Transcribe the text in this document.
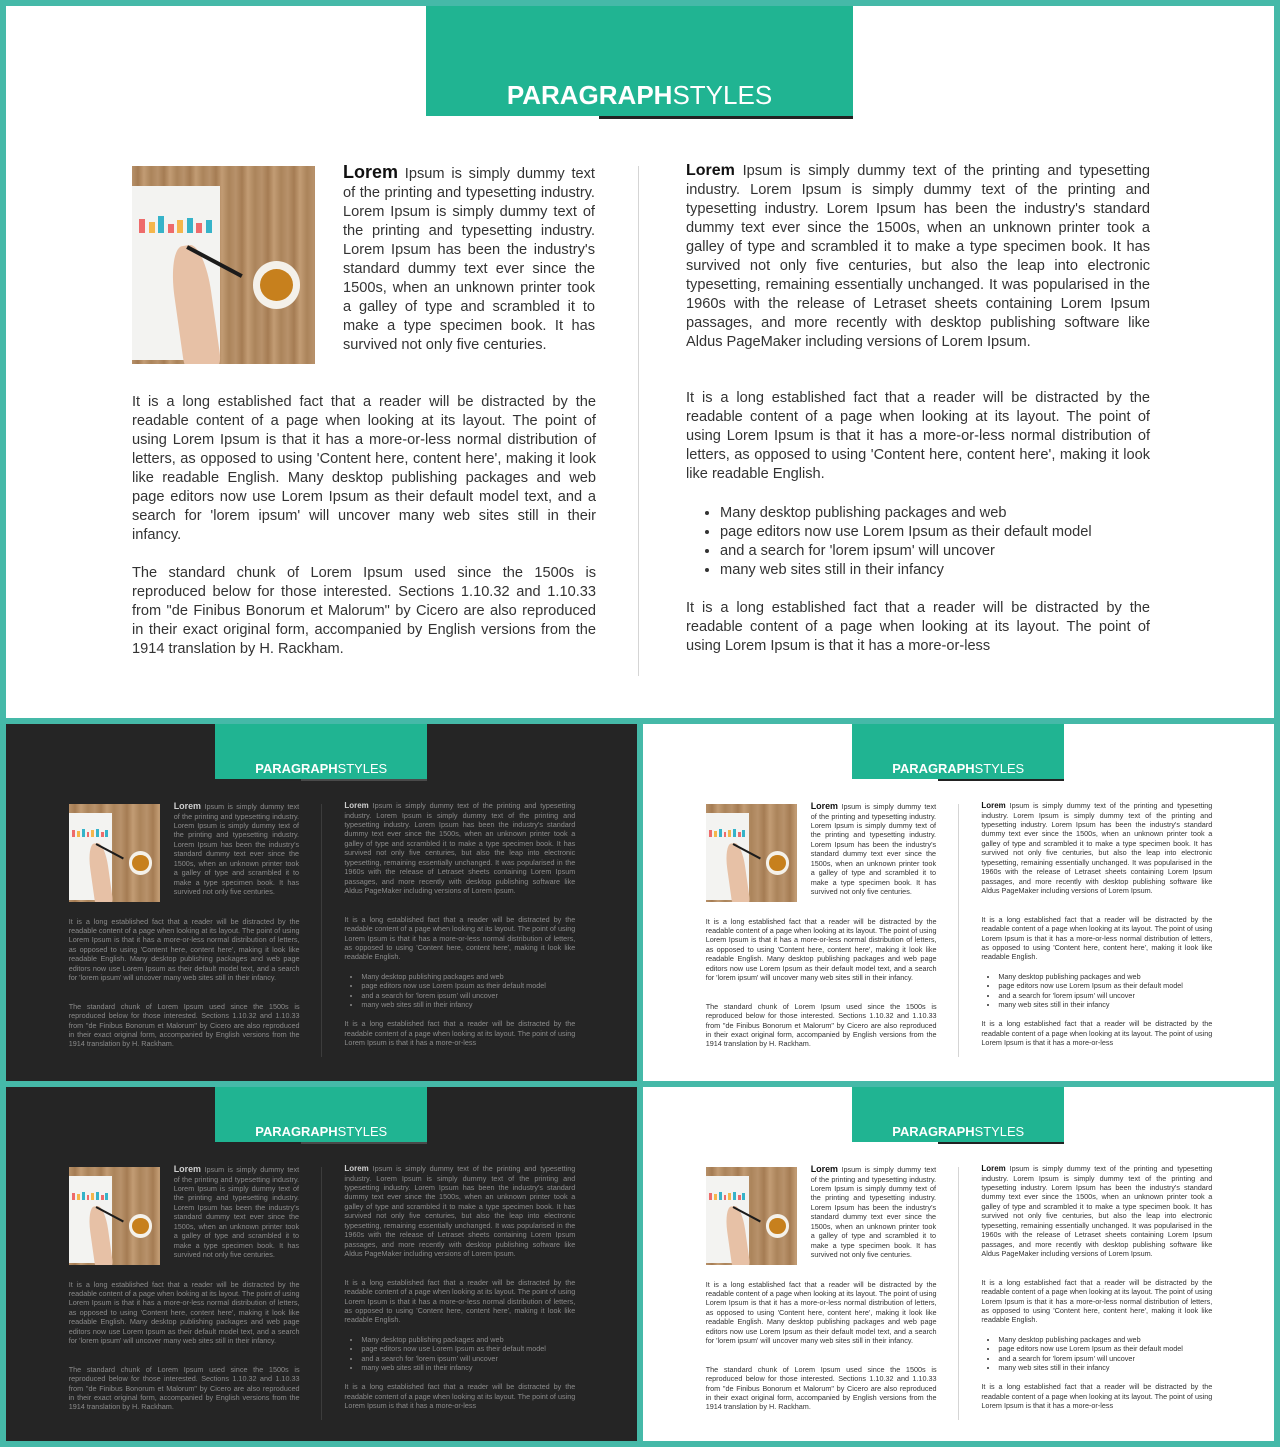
PARAGRAPHSTYLES
Lorem Ipsum is simply dummy text of the printing and typesetting industry. Lorem Ipsum is simply dummy text of the printing and typesetting industry. Lorem Ipsum has been the industry's standard dummy text ever since the 1500s, when an unknown printer took a galley of type and scrambled it to make a type specimen book. It has survived not only five centuries.
It is a long established fact that a reader will be distracted by the readable content of a page when looking at its layout. The point of using Lorem Ipsum is that it has a more-or-less normal distribution of letters, as opposed to using 'Content here, content here', making it look like readable English. Many desktop publishing packages and web page editors now use Lorem Ipsum as their default model text, and a search for 'lorem ipsum' will uncover many web sites still in their infancy.
The standard chunk of Lorem Ipsum used since the 1500s is reproduced below for those interested. Sections 1.10.32 and 1.10.33 from "de Finibus Bonorum et Malorum" by Cicero are also reproduced in their exact original form, accompanied by English versions from the 1914 translation by H. Rackham.
Lorem Ipsum is simply dummy text of the printing and typesetting industry. Lorem Ipsum is simply dummy text of the printing and typesetting industry. Lorem Ipsum has been the industry's standard dummy text ever since the 1500s, when an unknown printer took a galley of type and scrambled it to make a type specimen book. It has survived not only five centuries, but also the leap into electronic typesetting, remaining essentially unchanged. It was popularised in the 1960s with the release of Letraset sheets containing Lorem Ipsum passages, and more recently with desktop publishing software like Aldus PageMaker including versions of Lorem Ipsum.
It is a long established fact that a reader will be distracted by the readable content of a page when looking at its layout. The point of using Lorem Ipsum is that it has a more-or-less normal distribution of letters, as opposed to using 'Content here, content here', making it look like readable English.
• Many desktop publishing packages and web
• page editors now use Lorem Ipsum as their default model
• and a search for 'lorem ipsum' will uncover
• many web sites still in their infancy
It is a long established fact that a reader will be distracted by the readable content of a page when looking at its layout. The point of using Lorem Ipsum is that it has a more-or-less
PARAGRAPHSTYLES
Lorem Ipsum is simply dummy text of the printing and typesetting industry. Lorem Ipsum is simply dummy text of the printing and typesetting industry. Lorem Ipsum has been the industry's standard dummy text ever since the 1500s, when an unknown printer took a galley of type and scrambled it to make a type specimen book. It has survived not only five centuries.
It is a long established fact that a reader will be distracted by the readable content of a page when looking at its layout. The point of using Lorem Ipsum is that it has a more-or-less normal distribution of letters, as opposed to using 'Content here, content here', making it look like readable English. Many desktop publishing packages and web page editors now use Lorem Ipsum as their default model text, and a search for 'lorem ipsum' will uncover many web sites still in their infancy.
The standard chunk of Lorem Ipsum used since the 1500s is reproduced below for those interested. Sections 1.10.32 and 1.10.33 from "de Finibus Bonorum et Malorum" by Cicero are also reproduced in their exact original form, accompanied by English versions from the 1914 translation by H. Rackham.
Lorem Ipsum is simply dummy text of the printing and typesetting industry. Lorem Ipsum is simply dummy text of the printing and typesetting industry. Lorem Ipsum has been the industry's standard dummy text ever since the 1500s, when an unknown printer took a galley of type and scrambled it to make a type specimen book. It has survived not only five centuries, but also the leap into electronic typesetting, remaining essentially unchanged. It was popularised in the 1960s with the release of Letraset sheets containing Lorem Ipsum passages, and more recently with desktop publishing software like Aldus PageMaker including versions of Lorem Ipsum.
It is a long established fact that a reader will be distracted by the readable content of a page when looking at its layout. The point of using Lorem Ipsum is that it has a more-or-less normal distribution of letters, as opposed to using 'Content here, content here', making it look like readable English.
• Many desktop publishing packages and web
• page editors now use Lorem Ipsum as their default model
• and a search for 'lorem ipsum' will uncover
• many web sites still in their infancy
It is a long established fact that a reader will be distracted by the readable content of a page when looking at its layout. The point of using Lorem Ipsum is that it has a more-or-less
PARAGRAPHSTYLES
Lorem Ipsum is simply dummy text of the printing and typesetting industry. Lorem Ipsum is simply dummy text of the printing and typesetting industry. Lorem Ipsum has been the industry's standard dummy text ever since the 1500s, when an unknown printer took a galley of type and scrambled it to make a type specimen book. It has survived not only five centuries.
It is a long established fact that a reader will be distracted by the readable content of a page when looking at its layout. The point of using Lorem Ipsum is that it has a more-or-less normal distribution of letters, as opposed to using 'Content here, content here', making it look like readable English. Many desktop publishing packages and web page editors now use Lorem Ipsum as their default model text, and a search for 'lorem ipsum' will uncover many web sites still in their infancy.
The standard chunk of Lorem Ipsum used since the 1500s is reproduced below for those interested. Sections 1.10.32 and 1.10.33 from "de Finibus Bonorum et Malorum" by Cicero are also reproduced in their exact original form, accompanied by English versions from the 1914 translation by H. Rackham.
Lorem Ipsum is simply dummy text of the printing and typesetting industry. Lorem Ipsum is simply dummy text of the printing and typesetting industry. Lorem Ipsum has been the industry's standard dummy text ever since the 1500s, when an unknown printer took a galley of type and scrambled it to make a type specimen book. It has survived not only five centuries, but also the leap into electronic typesetting, remaining essentially unchanged. It was popularised in the 1960s with the release of Letraset sheets containing Lorem Ipsum passages, and more recently with desktop publishing software like Aldus PageMaker including versions of Lorem Ipsum.
It is a long established fact that a reader will be distracted by the readable content of a page when looking at its layout. The point of using Lorem Ipsum is that it has a more-or-less normal distribution of letters, as opposed to using 'Content here, content here', making it look like readable English.
• Many desktop publishing packages and web
• page editors now use Lorem Ipsum as their default model
• and a search for 'lorem ipsum' will uncover
• many web sites still in their infancy
It is a long established fact that a reader will be distracted by the readable content of a page when looking at its layout. The point of using Lorem Ipsum is that it has a more-or-less
PARAGRAPHSTYLES
Lorem Ipsum is simply dummy text of the printing and typesetting industry. Lorem Ipsum is simply dummy text of the printing and typesetting industry. Lorem Ipsum has been the industry's standard dummy text ever since the 1500s, when an unknown printer took a galley of type and scrambled it to make a type specimen book. It has survived not only five centuries.
It is a long established fact that a reader will be distracted by the readable content of a page when looking at its layout. The point of using Lorem Ipsum is that it has a more-or-less normal distribution of letters, as opposed to using 'Content here, content here', making it look like readable English. Many desktop publishing packages and web page editors now use Lorem Ipsum as their default model text, and a search for 'lorem ipsum' will uncover many web sites still in their infancy.
The standard chunk of Lorem Ipsum used since the 1500s is reproduced below for those interested. Sections 1.10.32 and 1.10.33 from "de Finibus Bonorum et Malorum" by Cicero are also reproduced in their exact original form, accompanied by English versions from the 1914 translation by H. Rackham.
Lorem Ipsum is simply dummy text of the printing and typesetting industry. Lorem Ipsum is simply dummy text of the printing and typesetting industry. Lorem Ipsum has been the industry's standard dummy text ever since the 1500s, when an unknown printer took a galley of type and scrambled it to make a type specimen book. It has survived not only five centuries, but also the leap into electronic typesetting, remaining essentially unchanged. It was popularised in the 1960s with the release of Letraset sheets containing Lorem Ipsum passages, and more recently with desktop publishing software like Aldus PageMaker including versions of Lorem Ipsum.
It is a long established fact that a reader will be distracted by the readable content of a page when looking at its layout. The point of using Lorem Ipsum is that it has a more-or-less normal distribution of letters, as opposed to using 'Content here, content here', making it look like readable English.
• Many desktop publishing packages and web
• page editors now use Lorem Ipsum as their default model
• and a search for 'lorem ipsum' will uncover
• many web sites still in their infancy
It is a long established fact that a reader will be distracted by the readable content of a page when looking at its layout. The point of using Lorem Ipsum is that it has a more-or-less
PARAGRAPHSTYLES
Lorem Ipsum is simply dummy text of the printing and typesetting industry. Lorem Ipsum is simply dummy text of the printing and typesetting industry. Lorem Ipsum has been the industry's standard dummy text ever since the 1500s, when an unknown printer took a galley of type and scrambled it to make a type specimen book. It has survived not only five centuries.
It is a long established fact that a reader will be distracted by the readable content of a page when looking at its layout. The point of using Lorem Ipsum is that it has a more-or-less normal distribution of letters, as opposed to using 'Content here, content here', making it look like readable English. Many desktop publishing packages and web page editors now use Lorem Ipsum as their default model text, and a search for 'lorem ipsum' will uncover many web sites still in their infancy.
The standard chunk of Lorem Ipsum used since the 1500s is reproduced below for those interested. Sections 1.10.32 and 1.10.33 from "de Finibus Bonorum et Malorum" by Cicero are also reproduced in their exact original form, accompanied by English versions from the 1914 translation by H. Rackham.
Lorem Ipsum is simply dummy text of the printing and typesetting industry. Lorem Ipsum is simply dummy text of the printing and typesetting industry. Lorem Ipsum has been the industry's standard dummy text ever since the 1500s, when an unknown printer took a galley of type and scrambled it to make a type specimen book. It has survived not only five centuries, but also the leap into electronic typesetting, remaining essentially unchanged. It was popularised in the 1960s with the release of Letraset sheets containing Lorem Ipsum passages, and more recently with desktop publishing software like Aldus PageMaker including versions of Lorem Ipsum.
It is a long established fact that a reader will be distracted by the readable content of a page when looking at its layout. The point of using Lorem Ipsum is that it has a more-or-less normal distribution of letters, as opposed to using 'Content here, content here', making it look like readable English.
• Many desktop publishing packages and web
• page editors now use Lorem Ipsum as their default model
• and a search for 'lorem ipsum' will uncover
• many web sites still in their infancy
It is a long established fact that a reader will be distracted by the readable content of a page when looking at its layout. The point of using Lorem Ipsum is that it has a more-or-less
